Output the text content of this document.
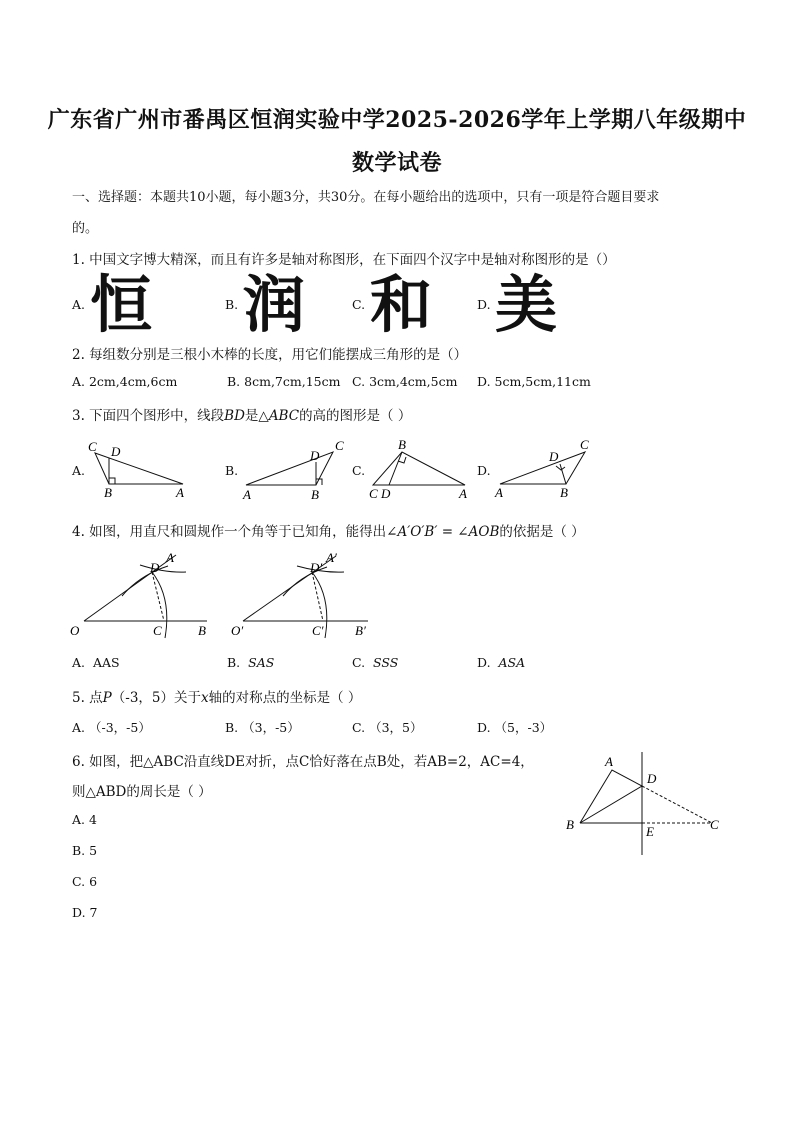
广东省广州市番禺区恒润实验中学2025-2026学年上学期八年级期中
数学试卷
一、选择题：本题共10小题，每小题3分，共30分。在每小题给出的选项中，只有一项是符合题目要求
的。
1. 中国文字博大精深，而且有许多是轴对称图形，在下面四个汉字中是轴对称图形的是（）
A. 恒	B. 润	C. 和	D. 美
2. 每组数分别是三根小木棒的长度，用它们能摆成三角形的是（）
A. 2cm,4cm,6cm	B. 8cm,7cm,15cm C. 3cm,4cm,5cm D. 5cm,5cm,11cm
3. 下面四个图形中，线段BD是△ABC的高的图形是（ ）
A.	B.	C.	D.
C D
B	A
C
D
A	B
B
C D	A
C
D
A	B
O
A
D
C	B O′
A′
D′
C′ B′
A
D
B	E	C
4. 如图，用直尺和圆规作一个角等于已知角，能得出∠A′O′B′ = ∠AOB的依据是（ ）
A. AAS	B. SAS	C. SSS	D. ASA
5. 点P（-3，5）关于x轴的对称点的坐标是（ ）
A. （-3，-5）	B. （3，-5）	C. （3，5）	D. （5，-3）
6. 如图，把△ABC沿直线DE对折，点C恰好落在点B处，若AB=2，AC=4，
则△ABD的周长是（ ）
A. 4
B. 5
C. 6
D. 7
